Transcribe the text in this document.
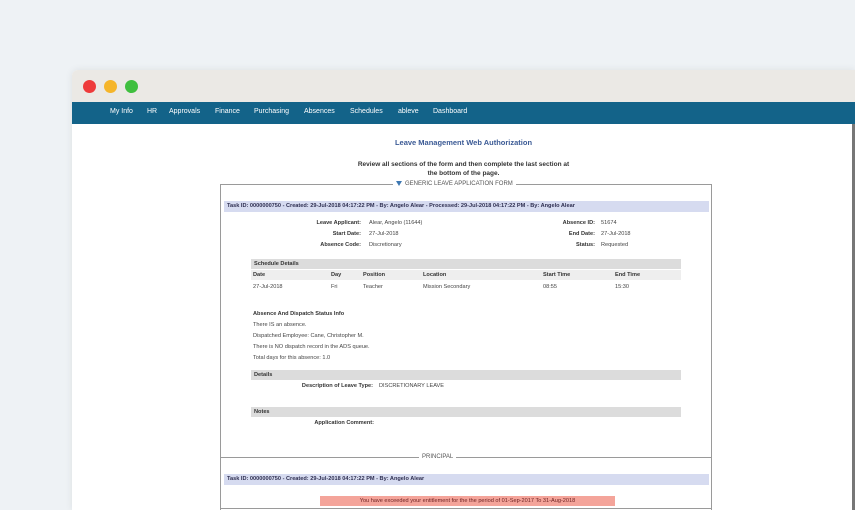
My Info HR Approvals Finance Purchasing Absences Schedules ableve Dashboard
Leave Management Web Authorization
Review all sections of the form and then complete the last section at
the bottom of the page.
GENERIC LEAVE APPLICATION FORM
Task ID: 0000000750 - Created: 29-Jul-2018 04:17:22 PM - By: Angelo Alear - Processed: 29-Jul-2018 04:17:22 PM - By: Angelo Alear
Leave Applicant: Alear, Angelo (11644)
Start Date: 27-Jul-2018
Absence Code: Discretionary
Absence ID: 51674
End Date: 27-Jul-2018
Status: Requested
Schedule Details
Date	Day	Position	Location	Start Time	End Time
27-Jul-2018	Fri	Teacher	Mission Secondary	08:55	15:30
Absence And Dispatch Status Info
There IS an absence.
Dispatched Employee: Cane, Christopher M.
There is NO dispatch record in the ADS queue.
Total days for this absence: 1.0
Details
Description of Leave Type: DISCRETIONARY LEAVE
Notes
Application Comment:
PRINCIPAL
Task ID: 0000000750 - Created: 29-Jul-2018 04:17:22 PM - By: Angelo Alear
You have exceeded your entitlement for the the period of 01-Sep-2017 To 31-Aug-2018
